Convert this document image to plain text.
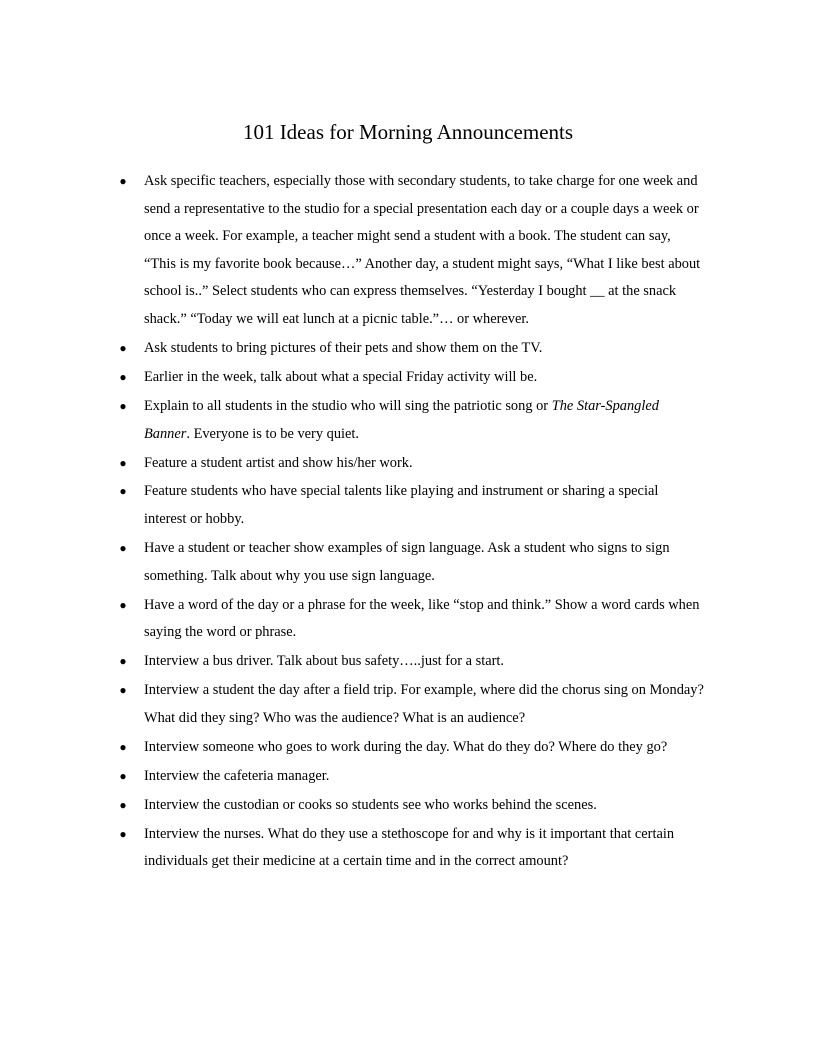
101 Ideas for Morning Announcements
● Ask specific teachers, especially those with secondary students, to take charge for one week and send a representative to the studio for a special presentation each day or a couple days a week or once a week. For example, a teacher might send a student with a book. The student can say, “This is my favorite book because…” Another day, a student might says, “What I like best about school is..” Select students who can express themselves. “Yesterday I bought __ at the snack shack.” “Today we will eat lunch at a picnic table.”… or wherever.
● Ask students to bring pictures of their pets and show them on the TV.
● Earlier in the week, talk about what a special Friday activity will be.
● Explain to all students in the studio who will sing the patriotic song or The Star-Spangled Banner. Everyone is to be very quiet.
● Feature a student artist and show his/her work.
● Feature students who have special talents like playing and instrument or sharing a special interest or hobby.
● Have a student or teacher show examples of sign language. Ask a student who signs to sign something. Talk about why you use sign language.
● Have a word of the day or a phrase for the week, like “stop and think.” Show a word cards when saying the word or phrase.
● Interview a bus driver. Talk about bus safety…..just for a start.
● Interview a student the day after a field trip. For example, where did the chorus sing on Monday? What did they sing? Who was the audience? What is an audience?
● Interview someone who goes to work during the day. What do they do? Where do they go?
● Interview the cafeteria manager.
● Interview the custodian or cooks so students see who works behind the scenes.
● Interview the nurses. What do they use a stethoscope for and why is it important that certain individuals get their medicine at a certain time and in the correct amount?
